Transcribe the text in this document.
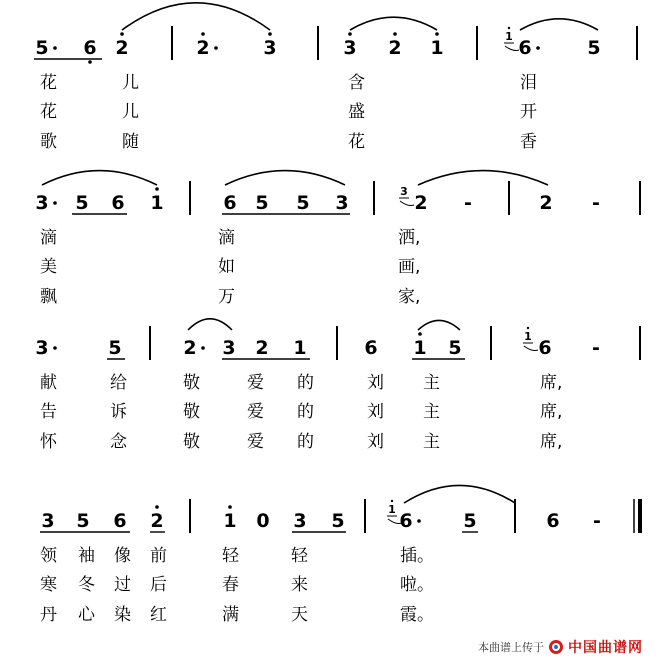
5 6 2	2	3	3 2 1	6	5
1
花	儿	含	泪
花	儿	盛	开
歌	随	花	香
3 5 6 1	6 5 5 3	2 -	2 -
3
滴	滴	洒,
美	如	画,
飘	万	家,
3	5	2 3 2 1	6 1 5	6 -
1
献	给	敬	爱 的	刘 主	席,
告	诉	敬	爱 的	刘 主	席,
怀	念	敬	爱 的	刘 主	席,
3 5 6 2	1 0 3 5	6	5	6 -
1
领 袖 像 前	轻	轻	插。
寒 冬 过 后	春	来	啦。
丹 心 染 红	满	天	霞。
本曲谱上传于 中国曲谱网
